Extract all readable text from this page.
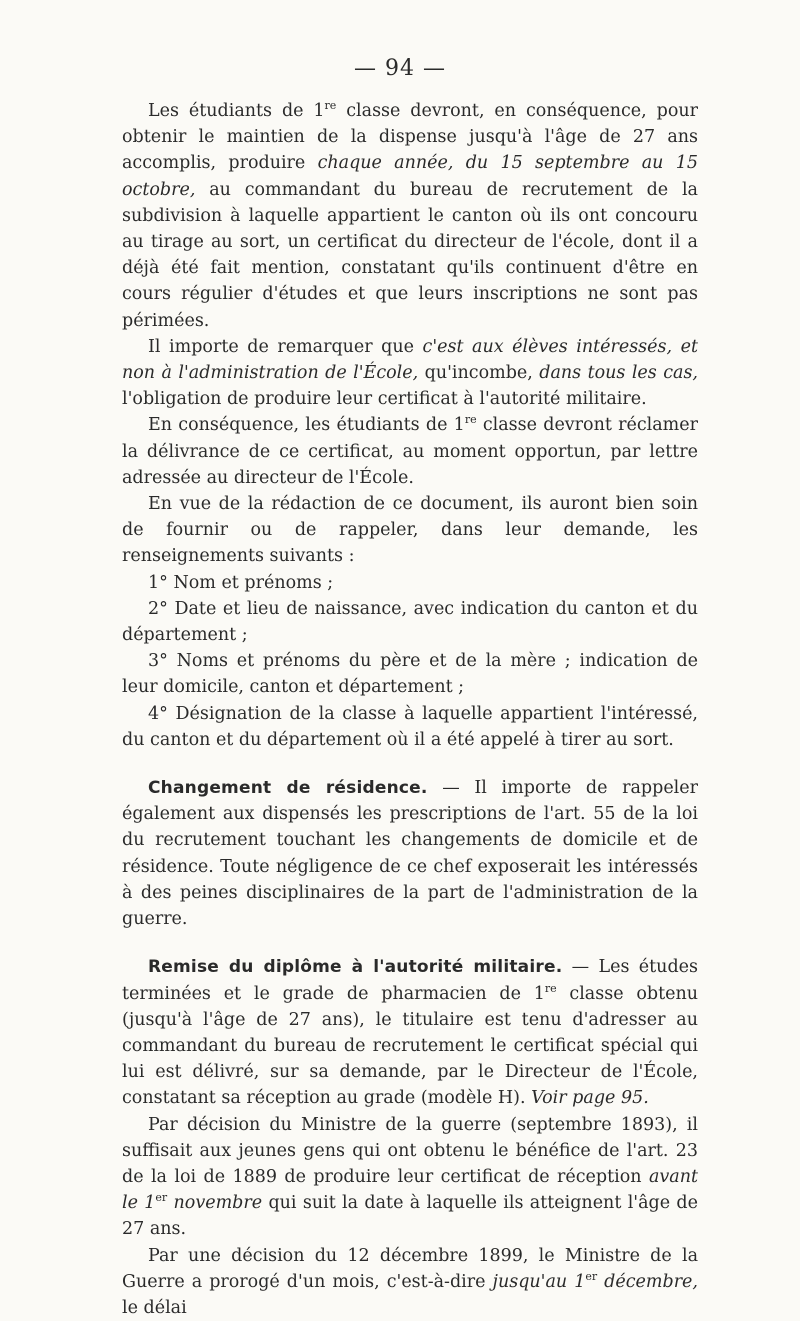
— 94 —

Les étudiants de 1re classe devront, en conséquence, pour obtenir le maintien de la dispense jusqu'à l'âge de 27 ans accomplis, produire chaque année, du 15 septembre au 15 octobre, au commandant du bureau de recrutement de la subdivision à laquelle appartient le canton où ils ont concouru au tirage au sort, un certificat du directeur de l'école, dont il a déjà été fait mention, constatant qu'ils continuent d'être en cours régulier d'études et que leurs inscriptions ne sont pas périmées.

Il importe de remarquer que c'est aux élèves intéressés, et non à l'administration de l'École, qu'incombe, dans tous les cas, l'obligation de produire leur certificat à l'autorité militaire.

En conséquence, les étudiants de 1re classe devront réclamer la délivrance de ce certificat, au moment opportun, par lettre adressée au directeur de l'École.

En vue de la rédaction de ce document, ils auront bien soin de fournir ou de rappeler, dans leur demande, les renseignements suivants :

1° Nom et prénoms ;

2° Date et lieu de naissance, avec indication du canton et du département ;

3° Noms et prénoms du père et de la mère ; indication de leur domicile, canton et département ;

4° Désignation de la classe à laquelle appartient l'intéressé, du canton et du département où il a été appelé à tirer au sort.

Changement de résidence. — Il importe de rappeler également aux dispensés les prescriptions de l'art. 55 de la loi du recrutement touchant les changements de domicile et de résidence. Toute négligence de ce chef exposerait les intéressés à des peines disciplinaires de la part de l'administration de la guerre.

Remise du diplôme à l'autorité militaire. — Les études terminées et le grade de pharmacien de 1re classe obtenu (jusqu'à l'âge de 27 ans), le titulaire est tenu d'adresser au commandant du bureau de recrutement le certificat spécial qui lui est délivré, sur sa demande, par le Directeur de l'École, constatant sa réception au grade (modèle H). Voir page 95.

Par décision du Ministre de la guerre (septembre 1893), il suffisait aux jeunes gens qui ont obtenu le bénéfice de l'art. 23 de la loi de 1889 de produire leur certificat de réception avant le 1er novembre qui suit la date à laquelle ils atteignent l'âge de 27 ans.

Par une décision du 12 décembre 1899, le Ministre de la Guerre a prorogé d'un mois, c'est-à-dire jusqu'au 1er décembre, le délai
